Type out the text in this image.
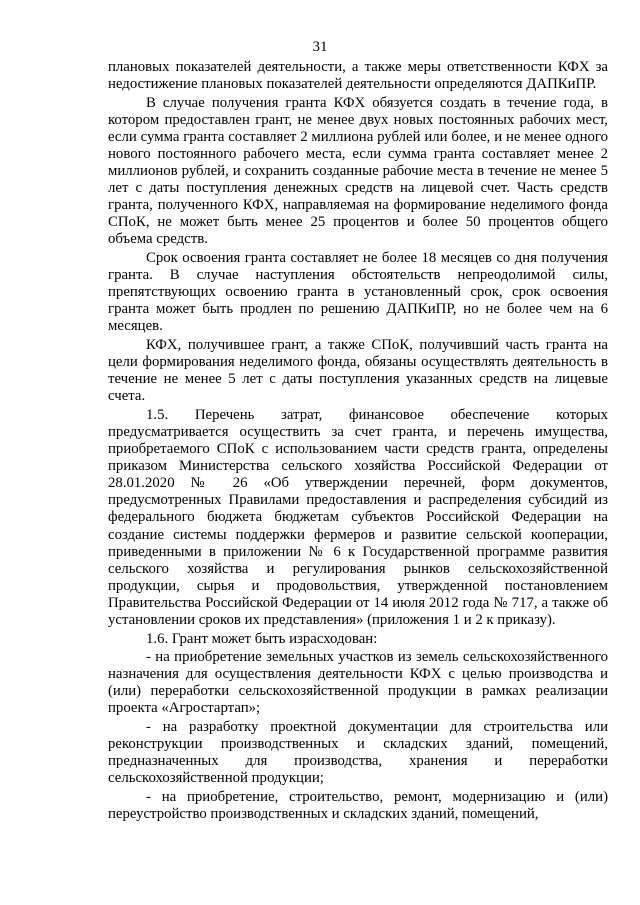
31

плановых показателей деятельности, а также меры ответственности КФХ за недостижение плановых показателей деятельности определяются ДАПКиПР.

В случае получения гранта КФХ обязуется создать в течение года, в котором предоставлен грант, не менее двух новых постоянных рабочих мест, если сумма гранта составляет 2 миллиона рублей или более, и не менее одного нового постоянного рабочего места, если сумма гранта составляет менее 2 миллионов рублей, и сохранить созданные рабочие места в течение не менее 5 лет с даты поступления денежных средств на лицевой счет. Часть средств гранта, полученного КФХ, направляемая на формирование неделимого фонда СПоК, не может быть менее 25 процентов и более 50 процентов общего объема средств.

Срок освоения гранта составляет не более 18 месяцев со дня получения гранта. В случае наступления обстоятельств непреодолимой силы, препятствующих освоению гранта в установленный срок, срок освоения гранта может быть продлен по решению ДАПКиПР, но не более чем на 6 месяцев.

КФХ, получившее грант, а также СПоК, получивший часть гранта на цели формирования неделимого фонда, обязаны осуществлять деятельность в течение не менее 5 лет с даты поступления указанных средств на лицевые счета.

1.5. Перечень затрат, финансовое обеспечение которых предусматривается осуществить за счет гранта, и перечень имущества, приобретаемого СПоК с использованием части средств гранта, определены приказом Министерства сельского хозяйства Российской Федерации от 28.01.2020 № 26 «Об утверждении перечней, форм документов, предусмотренных Правилами предоставления и распределения субсидий из федерального бюджета бюджетам субъектов Российской Федерации на создание системы поддержки фермеров и развитие сельской кооперации, приведенными в приложении № 6 к Государственной программе развития сельского хозяйства и регулирования рынков сельскохозяйственной продукции, сырья и продовольствия, утвержденной постановлением Правительства Российской Федерации от 14 июля 2012 года № 717, а также об установлении сроков их представления» (приложения 1 и 2 к приказу).

1.6. Грант может быть израсходован:

- на приобретение земельных участков из земель сельскохозяйственного назначения для осуществления деятельности КФХ с целью производства и (или) переработки сельскохозяйственной продукции в рамках реализации проекта «Агростартап»;

- на разработку проектной документации для строительства или реконструкции производственных и складских зданий, помещений, предназначенных для производства, хранения и переработки сельскохозяйственной продукции;

- на приобретение, строительство, ремонт, модернизацию и (или) переустройство производственных и складских зданий, помещений,
